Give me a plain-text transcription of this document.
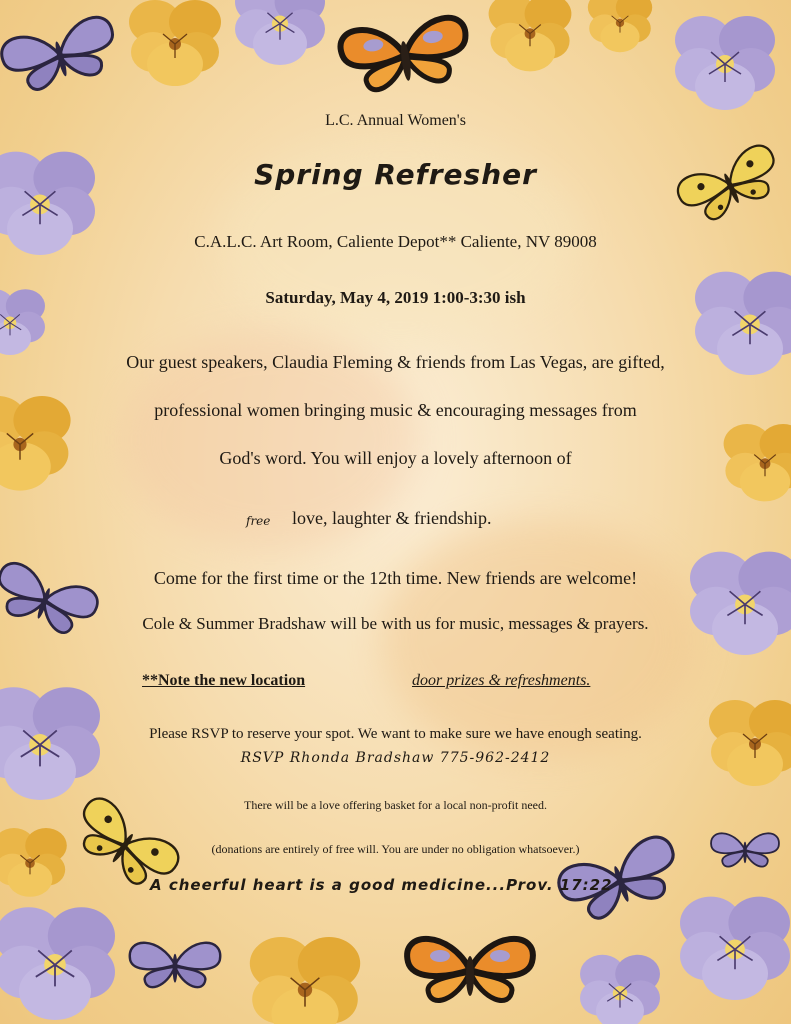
L.C. Annual Women's
Spring Refresher
C.A.L.C. Art Room, Caliente Depot** Caliente, NV 89008
Saturday, May 4, 2019 1:00-3:30 ish
Our guest speakers, Claudia Fleming & friends from Las Vegas, are gifted,
professional women bringing music & encouraging messages from
God's word. You will enjoy a lovely afternoon of
free love, laughter & friendship.
Come for the first time or the 12th time. New friends are welcome!
Cole & Summer Bradshaw will be with us for music, messages & prayers.
**Note the new location	door prizes & refreshments.
Please RSVP to reserve your spot. We want to make sure we have enough seating.
RSVP Rhonda Bradshaw 775-962-2412
There will be a love offering basket for a local non-profit need.
(donations are entirely of free will. You are under no obligation whatsoever.)
A cheerful heart is a good medicine...Prov. 17:22
